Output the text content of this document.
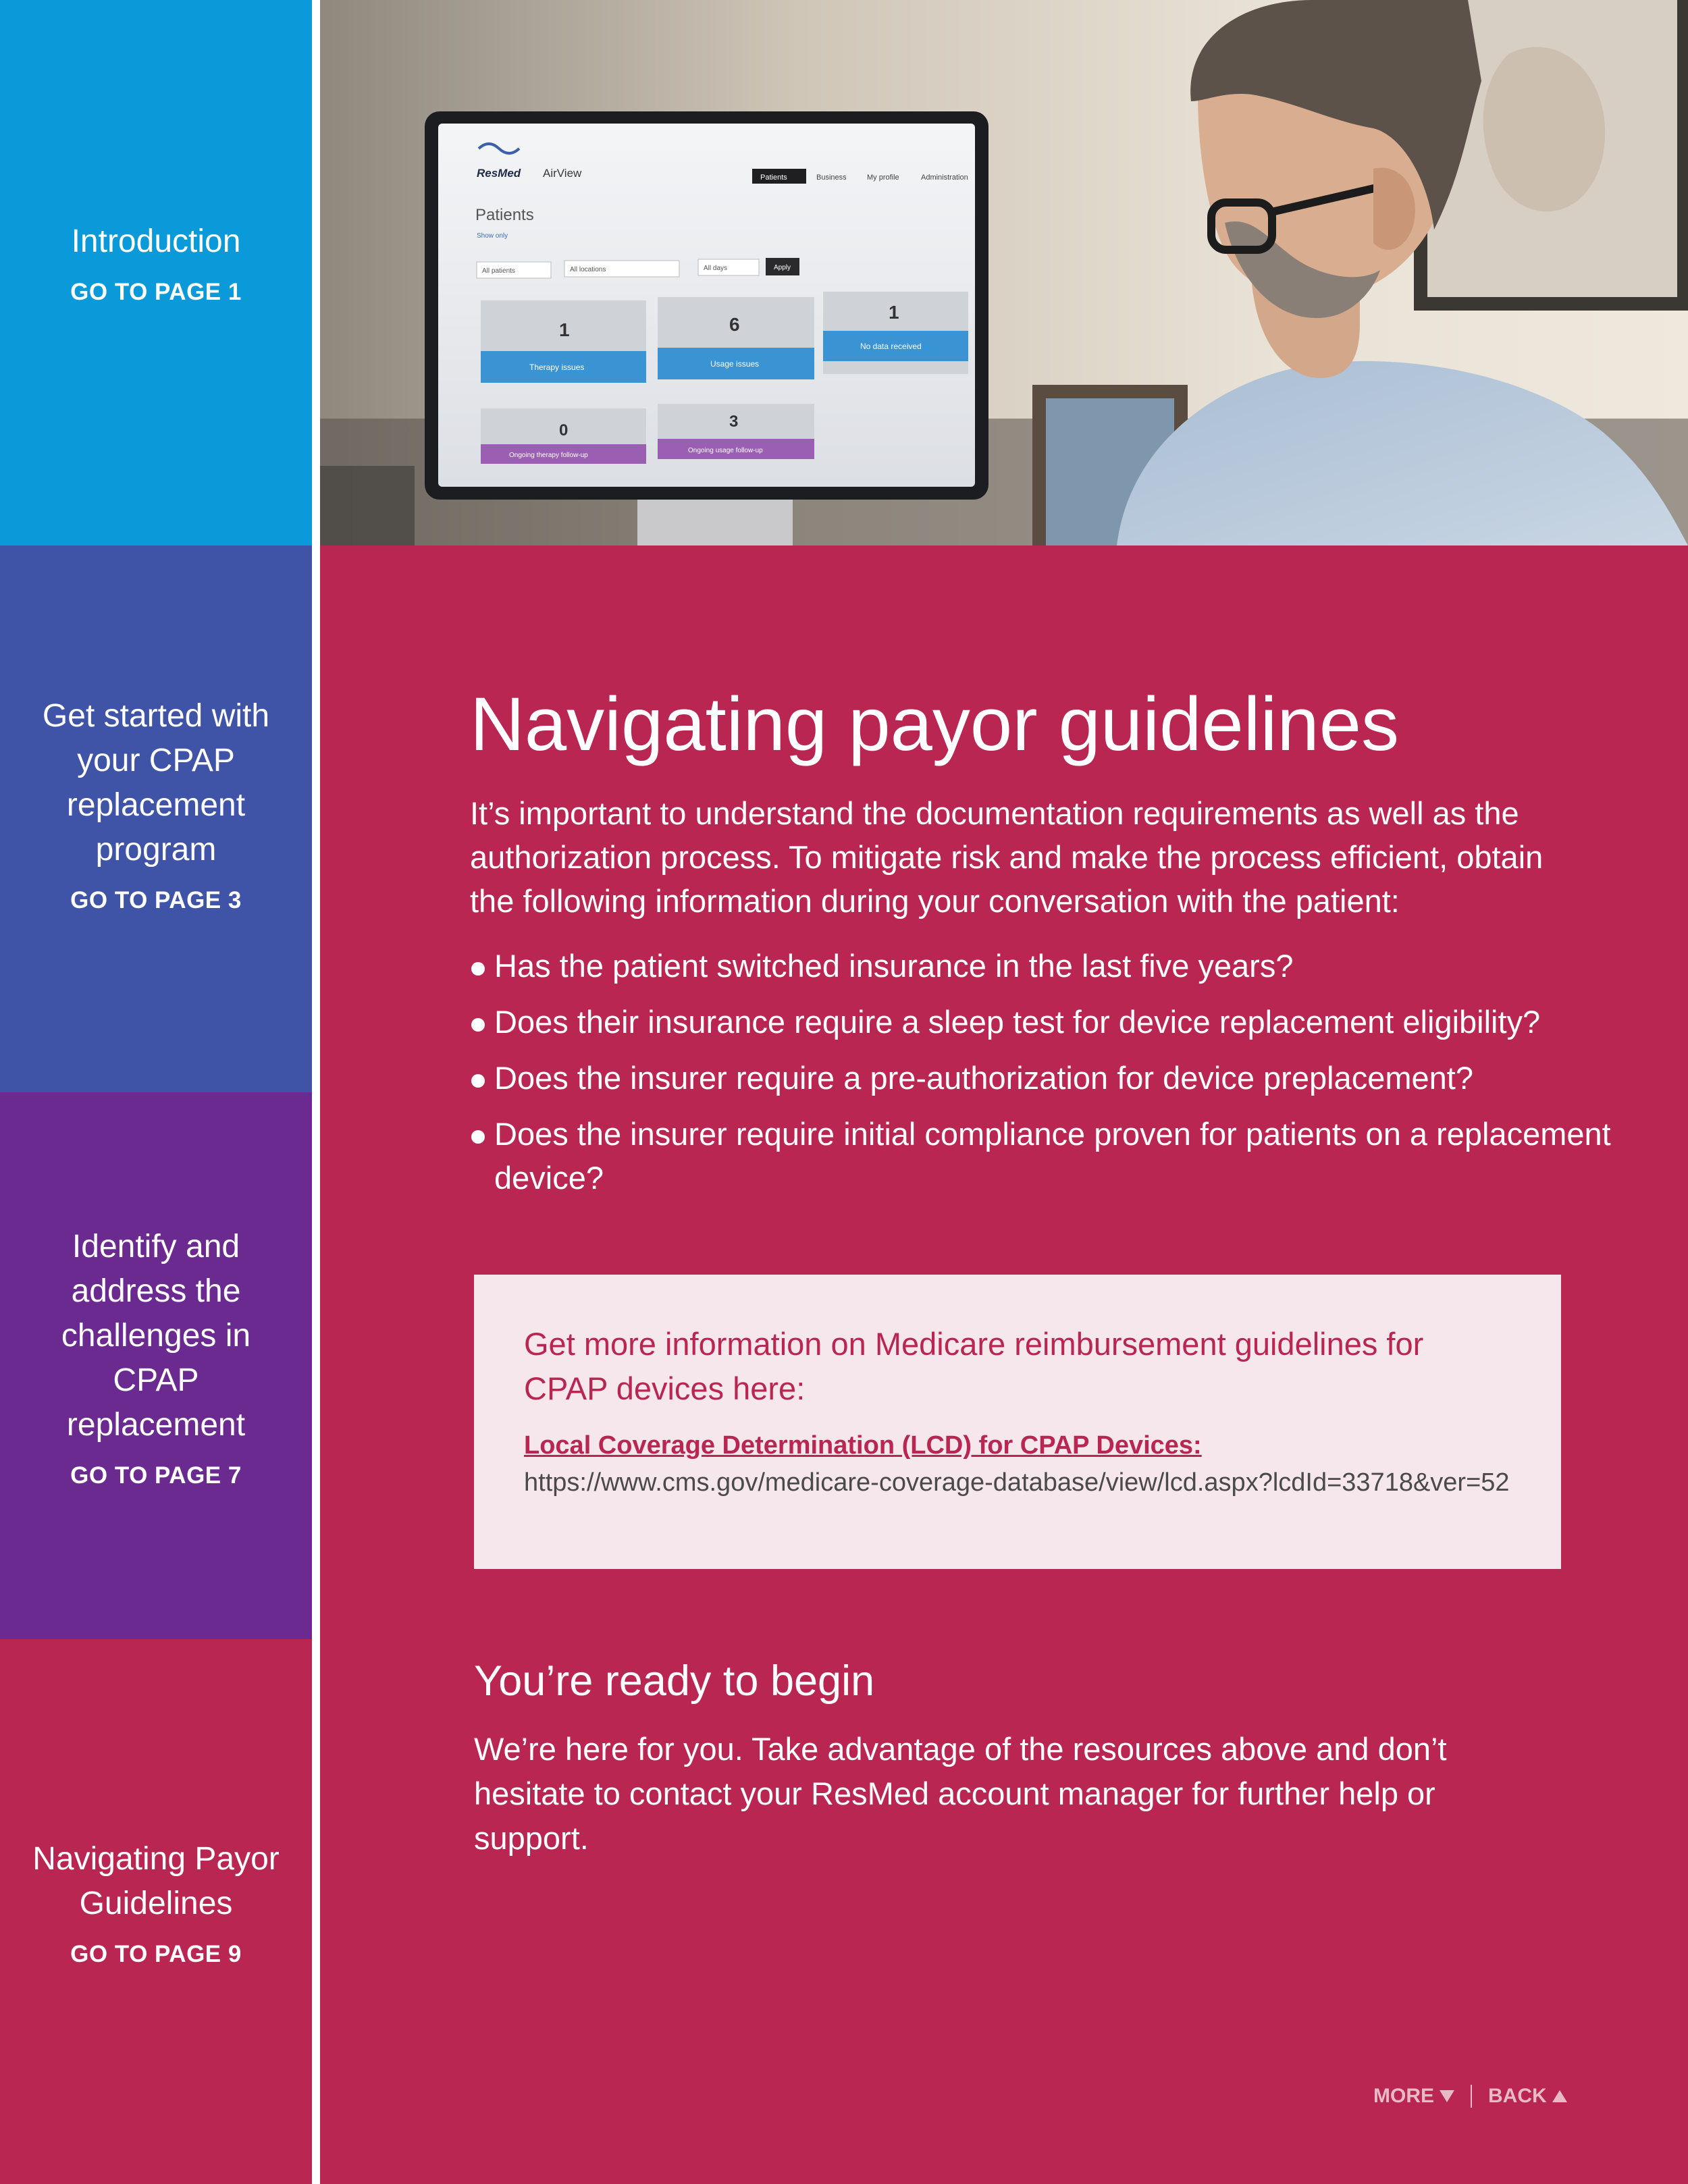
Introduction
GO TO PAGE 1
Get started with your CPAP replacement program
GO TO PAGE 3
Identify and address the challenges in CPAP replacement
GO TO PAGE 7
Navigating Payor Guidelines
GO TO PAGE 9
ResMed AirView	Patients	Business	My profile	Administration
Patients
Show only
All patients	All locations	All days	Apply
1
Therapy issues
6
Usage issues
1
No data received
0
Ongoing therapy follow-up
3
Ongoing usage follow-up
Navigating payor guidelines

It’s important to understand the documentation requirements as well as the authorization process. To mitigate risk and make the process efficient, obtain the following information during your conversation with the patient:

Has the patient switched insurance in the last five years?
Does their insurance require a sleep test for device replacement eligibility?
Does the insurer require a pre-authorization for device preplacement?
Does the insurer require initial compliance proven for patients on a replacement device?
Get more information on Medicare reimbursement guidelines for CPAP devices here:

Local Coverage Determination (LCD) for CPAP Devices: https://www.cms.gov/medicare-coverage-database/view/lcd.aspx?lcdId=33718&ver=52

You’re ready to begin

We’re here for you. Take advantage of the resources above and don’t hesitate to contact your ResMed account manager for further help or support.

MORE	BACK
